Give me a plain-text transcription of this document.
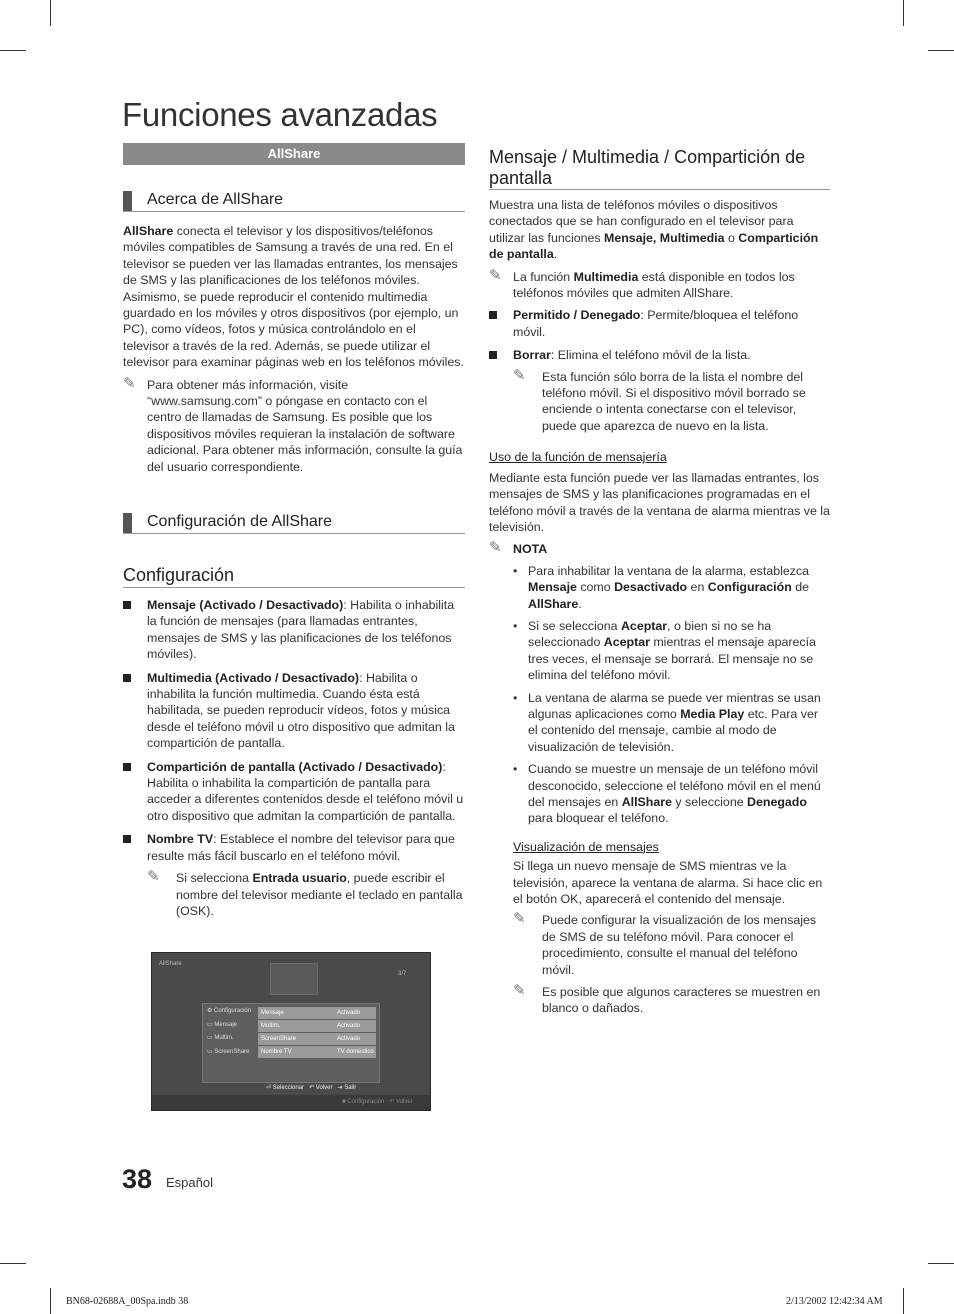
Funciones avanzadas
AllShare
Acerca de AllShare

AllShare conecta el televisor y los dispositivos/teléfonos móviles compatibles de Samsung a través de una red. En el televisor se pueden ver las llamadas entrantes, los mensajes de SMS y las planificaciones de los teléfonos móviles. Asimismo, se puede reproducir el contenido multimedia guardado en los móviles y otros dispositivos (por ejemplo, un PC), como vídeos, fotos y música controlándolo en el televisor a través de la red. Además, se puede utilizar el televisor para examinar páginas web en los teléfonos móviles.

✎ Para obtener más información, visite “www.samsung.com” o póngase en contacto con el centro de llamadas de Samsung. Es posible que los dispositivos móviles requieran la instalación de software adicional. Para obtener más información, consulte la guía del usuario correspondiente.
Configuración de AllShare
Configuración
Mensaje (Activado / Desactivado): Habilita o inhabilita la función de mensajes (para llamadas entrantes, mensajes de SMS y las planificaciones de los teléfonos móviles).
Multimedia (Activado / Desactivado): Habilita o inhabilita la función multimedia. Cuando ésta está habilitada, se pueden reproducir vídeos, fotos y música desde el teléfono móvil u otro dispositivo que admitan la compartición de pantalla.
Compartición de pantalla (Activado / Desactivado): Habilita o inhabilita la compartición de pantalla para acceder a diferentes contenidos desde el teléfono móvil u otro dispositivo que admitan la compartición de pantalla.
Nombre TV: Establece el nombre del televisor para que resulte más fácil buscarlo en el teléfono móvil.
✎ Si selecciona Entrada usuario, puede escribir el nombre del televisor mediante el teclado en pantalla (OSK).
AllShare
3/7
⚙ Configuración
▭ Mensaje
▭ Multim.
▭ ScreenShare
Mensaje	Activado
Multim.	Activado
ScreenShare	Activado
Nombre TV	TV doméstico
⏎ Seleccionar ↶ Volver ⇥ Salir
■ Configuración   ↶ Volver
Mensaje / Multimedia / Compartición de pantalla

Muestra una lista de teléfonos móviles o dispositivos conectados que se han configurado en el televisor para utilizar las funciones Mensaje, Multimedia o Compartición de pantalla.

✎ La función Multimedia está disponible en todos los teléfonos móviles que admiten AllShare.
Permitido / Denegado: Permite/bloquea el teléfono móvil.
Borrar: Elimina el teléfono móvil de la lista.
✎ Esta función sólo borra de la lista el nombre del teléfono móvil. Si el dispositivo móvil borrado se enciende o intenta conectarse con el televisor, puede que aparezca de nuevo en la lista.

Uso de la función de mensajería

Mediante esta función puede ver las llamadas entrantes, los mensajes de SMS y las planificaciones programadas en el teléfono móvil a través de la ventana de alarma mientras ve la televisión.

✎ NOTA
• Para inhabilitar la ventana de la alarma, establezca Mensaje como Desactivado en Configuración de AllShare.
• Si se selecciona Aceptar, o bien si no se ha seleccionado Aceptar mientras el mensaje aparecía tres veces, el mensaje se borrará. El mensaje no se elimina del teléfono móvil.
• La ventana de alarma se puede ver mientras se usan algunas aplicaciones como Media Play etc. Para ver el contenido del mensaje, cambie al modo de visualización de televisión.
• Cuando se muestre un mensaje de un teléfono móvil desconocido, seleccione el teléfono móvil en el menú del mensajes en AllShare y seleccione Denegado para bloquear el teléfono.

Visualización de mensajes

Si llega un nuevo mensaje de SMS mientras ve la televisión, aparece la ventana de alarma. Si hace clic en el botón OK, aparecerá el contenido del mensaje.

✎ Puede configurar la visualización de los mensajes de SMS de su teléfono móvil. Para conocer el procedimiento, consulte el manual del teléfono móvil.
✎ Es posible que algunos caracteres se muestren en blanco o dañados.
38 Español
BN68-02688A_00Spa.indb 38	2/13/2002 12:42:34 AM
